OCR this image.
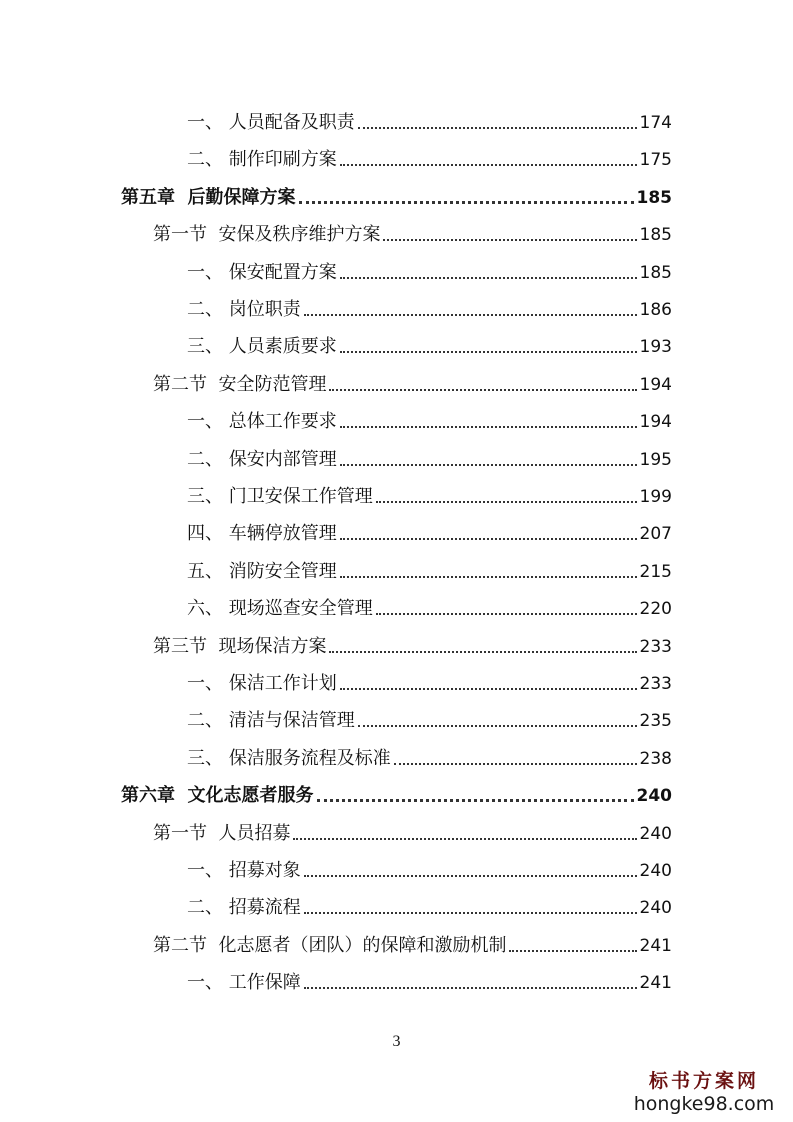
一、 人员配备及职责	174
二、 制作印刷方案	175
第五章  后勤保障方案	185
第一节  安保及秩序维护方案	185
一、 保安配置方案	185
二、 岗位职责	186
三、 人员素质要求	193
第二节  安全防范管理	194
一、 总体工作要求	194
二、 保安内部管理	195
三、 门卫安保工作管理	199
四、 车辆停放管理	207
五、 消防安全管理	215
六、 现场巡查安全管理	220
第三节  现场保洁方案	233
一、 保洁工作计划	233
二、 清洁与保洁管理	235
三、 保洁服务流程及标准	238
第六章  文化志愿者服务	240
第一节  人员招募	240
一、 招募对象	240
二、 招募流程	240
第二节  化志愿者（团队）的保障和激励机制	241
一、 工作保障	241
3
标书方案网
hongke98.com
